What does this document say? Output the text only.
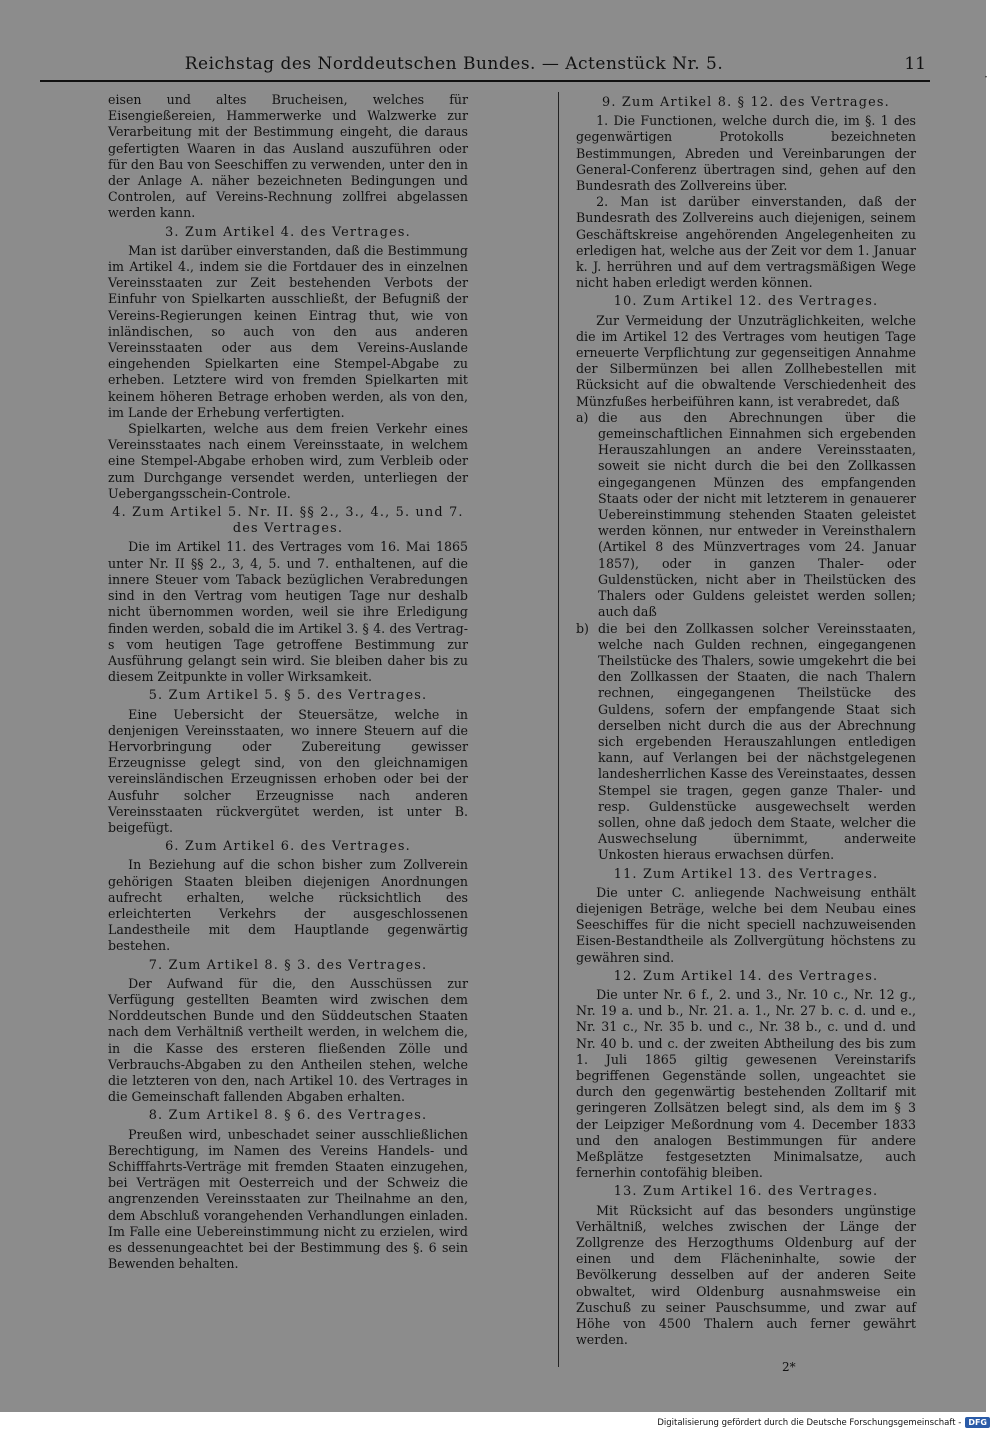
·
Reichstag des Norddeutschen Bundes. — Actenstück Nr. 5.	11

eisen und altes Brucheisen, welches für Eisengießereien, Hammerwerke und Walzwerke zur Verarbeitung mit der Bestimmung eingeht, die daraus gefertigten Waaren in das Ausland auszuführen oder für den Bau von Seeschiffen zu verwenden, unter den in der Anlage A. näher bezeichneten Bedingungen und Controlen, auf Vereins-Rechnung zollfrei abgelassen werden kann.

3. Zum Artikel 4. des Vertrages.

Man ist darüber einverstanden, daß die Bestimmung im Artikel 4., indem sie die Fortdauer des in einzelnen Vereinsstaaten zur Zeit bestehenden Verbots der Einfuhr von Spielkarten ausschließt, der Befugniß der Vereins-Regierungen keinen Eintrag thut, wie von inländischen, so auch von den aus anderen Vereinsstaaten oder aus dem Vereins-Auslande eingehenden Spielkarten eine Stempel-Abgabe zu erheben. Letztere wird von fremden Spielkarten mit keinem höheren Betrage erhoben werden, als von den, im Lande der Erhebung verfertigten.

Spielkarten, welche aus dem freien Verkehr eines Vereinsstaates nach einem Vereinsstaate, in welchem eine Stempel-Abgabe erhoben wird, zum Verbleib oder zum Durchgange versendet werden, unterliegen der Uebergangsschein-Controle.

4. Zum Artikel 5. Nr. II. §§ 2., 3., 4., 5. und 7. des Vertrages.

Die im Artikel 11. des Vertrages vom 16. Mai 1865 unter Nr. II §§ 2., 3, 4, 5. und 7. enthaltenen, auf die innere Steuer vom Taback bezüglichen Verabredungen sind in den Vertrag vom heutigen Tage nur deshalb nicht übernommen worden, weil sie ihre Erledigung finden werden, sobald die im Artikel 3. § 4. des Vertrag-s vom heutigen Tage getroffene Bestimmung zur Ausführung gelangt sein wird. Sie bleiben daher bis zu diesem Zeitpunkte in voller Wirksamkeit.

5. Zum Artikel 5. § 5. des Vertrages.

Eine Uebersicht der Steuersätze, welche in denjenigen Vereinsstaaten, wo innere Steuern auf die Hervorbringung oder Zubereitung gewisser Erzeugnisse gelegt sind, von den gleichnamigen vereinsländischen Erzeugnissen erhoben oder bei der Ausfuhr solcher Erzeugnisse nach anderen Vereinsstaaten rückvergütet werden, ist unter B. beigefügt.

6. Zum Artikel 6. des Vertrages.

In Beziehung auf die schon bisher zum Zollverein gehörigen Staaten bleiben diejenigen Anordnungen aufrecht erhalten, welche rücksichtlich des erleichterten Verkehrs der ausgeschlossenen Landestheile mit dem Hauptlande gegenwärtig bestehen.

7. Zum Artikel 8. § 3. des Vertrages.

Der Aufwand für die, den Ausschüssen zur Verfügung gestellten Beamten wird zwischen dem Norddeutschen Bunde und den Süddeutschen Staaten nach dem Verhältniß vertheilt werden, in welchem die, in die Kasse des ersteren fließenden Zölle und Verbrauchs-Abgaben zu den Antheilen stehen, welche die letzteren von den, nach Artikel 10. des Vertrages in die Gemeinschaft fallenden Abgaben erhalten.

8. Zum Artikel 8. § 6. des Vertrages.

Preußen wird, unbeschadet seiner ausschließlichen Berechtigung, im Namen des Vereins Handels- und Schifffahrts-Verträge mit fremden Staaten einzugehen, bei Verträgen mit Oesterreich und der Schweiz die angrenzenden Vereinsstaaten zur Theilnahme an den, dem Abschluß vorangehenden Verhandlungen einladen. Im Falle eine Uebereinstimmung nicht zu erzielen, wird es dessenungeachtet bei der Bestimmung des §. 6 sein Bewenden behalten.

9. Zum Artikel 8. § 12. des Vertrages.

1. Die Functionen, welche durch die, im §. 1 des gegenwärtigen Protokolls bezeichneten Bestimmungen, Abreden und Vereinbarungen der General-Conferenz übertragen sind, gehen auf den Bundesrath des Zollvereins über.

2. Man ist darüber einverstanden, daß der Bundesrath des Zollvereins auch diejenigen, seinem Geschäftskreise angehörenden Angelegenheiten zu erledigen hat, welche aus der Zeit vor dem 1. Januar k. J. herrühren und auf dem vertragsmäßigen Wege nicht haben erledigt werden können.

10. Zum Artikel 12. des Vertrages.

Zur Vermeidung der Unzuträglichkeiten, welche die im Artikel 12 des Vertrages vom heutigen Tage erneuerte Verpflichtung zur gegenseitigen Annahme der Silbermünzen bei allen Zollhebestellen mit Rücksicht auf die obwaltende Verschiedenheit des Münzfußes herbeiführen kann, ist verabredet, daß

a) die aus den Abrechnungen über die gemeinschaftlichen Einnahmen sich ergebenden Herauszahlungen an andere Vereinsstaaten, soweit sie nicht durch die bei den Zollkassen eingegangenen Münzen des empfangenden Staats oder der nicht mit letzterem in genauerer Uebereinstimmung stehenden Staaten geleistet werden können, nur entweder in Vereinsthalern (Artikel 8 des Münzvertrages vom 24. Januar 1857), oder in ganzen Thaler- oder Guldenstücken, nicht aber in Theilstücken des Thalers oder Guldens geleistet werden sollen; auch daß
b) die bei den Zollkassen solcher Vereinsstaaten, welche nach Gulden rechnen, eingegangenen Theilstücke des Thalers, sowie umgekehrt die bei den Zollkassen der Staaten, die nach Thalern rechnen, eingegangenen Theilstücke des Guldens, sofern der empfangende Staat sich derselben nicht durch die aus der Abrechnung sich ergebenden Herauszahlungen entledigen kann, auf Verlangen bei der nächstgelegenen landesherrlichen Kasse des Vereinstaates, dessen Stempel sie tragen, gegen ganze Thaler- und resp. Guldenstücke ausgewechselt werden sollen, ohne daß jedoch dem Staate, welcher die Auswechselung übernimmt, anderweite Unkosten hieraus erwachsen dürfen.
11. Zum Artikel 13. des Vertrages.

Die unter C. anliegende Nachweisung enthält diejenigen Beträge, welche bei dem Neubau eines Seeschiffes für die nicht speciell nachzuweisenden Eisen-Bestandtheile als Zollvergütung höchstens zu gewähren sind.

12. Zum Artikel 14. des Vertrages.

Die unter Nr. 6 f., 2. und 3., Nr. 10 c., Nr. 12 g., Nr. 19 a. und b., Nr. 21. a. 1., Nr. 27 b. c. d. und e., Nr. 31 c., Nr. 35 b. und c., Nr. 38 b., c. und d. und Nr. 40 b. und c. der zweiten Abtheilung des bis zum 1. Juli 1865 giltig gewesenen Vereinstarifs begriffenen Gegenstände sollen, ungeachtet sie durch den gegenwärtig bestehenden Zolltarif mit geringeren Zollsätzen belegt sind, als dem im § 3 der Leipziger Meßordnung vom 4. December 1833 und den analogen Bestimmungen für andere Meßplätze festgesetzten Minimalsatze, auch fernerhin contofähig bleiben.

13. Zum Artikel 16. des Vertrages.

Mit Rücksicht auf das besonders ungünstige Verhältniß, welches zwischen der Länge der Zollgrenze des Herzogthums Oldenburg auf der einen und dem Flächeninhalte, sowie der Bevölkerung desselben auf der anderen Seite obwaltet, wird Oldenburg ausnahmsweise ein Zuschuß zu seiner Pauschsumme, und zwar auf Höhe von 4500 Thalern auch ferner gewährt werden.

2*
Digitalisierung gefördert durch die Deutsche Forschungsgemeinschaft - DFG
